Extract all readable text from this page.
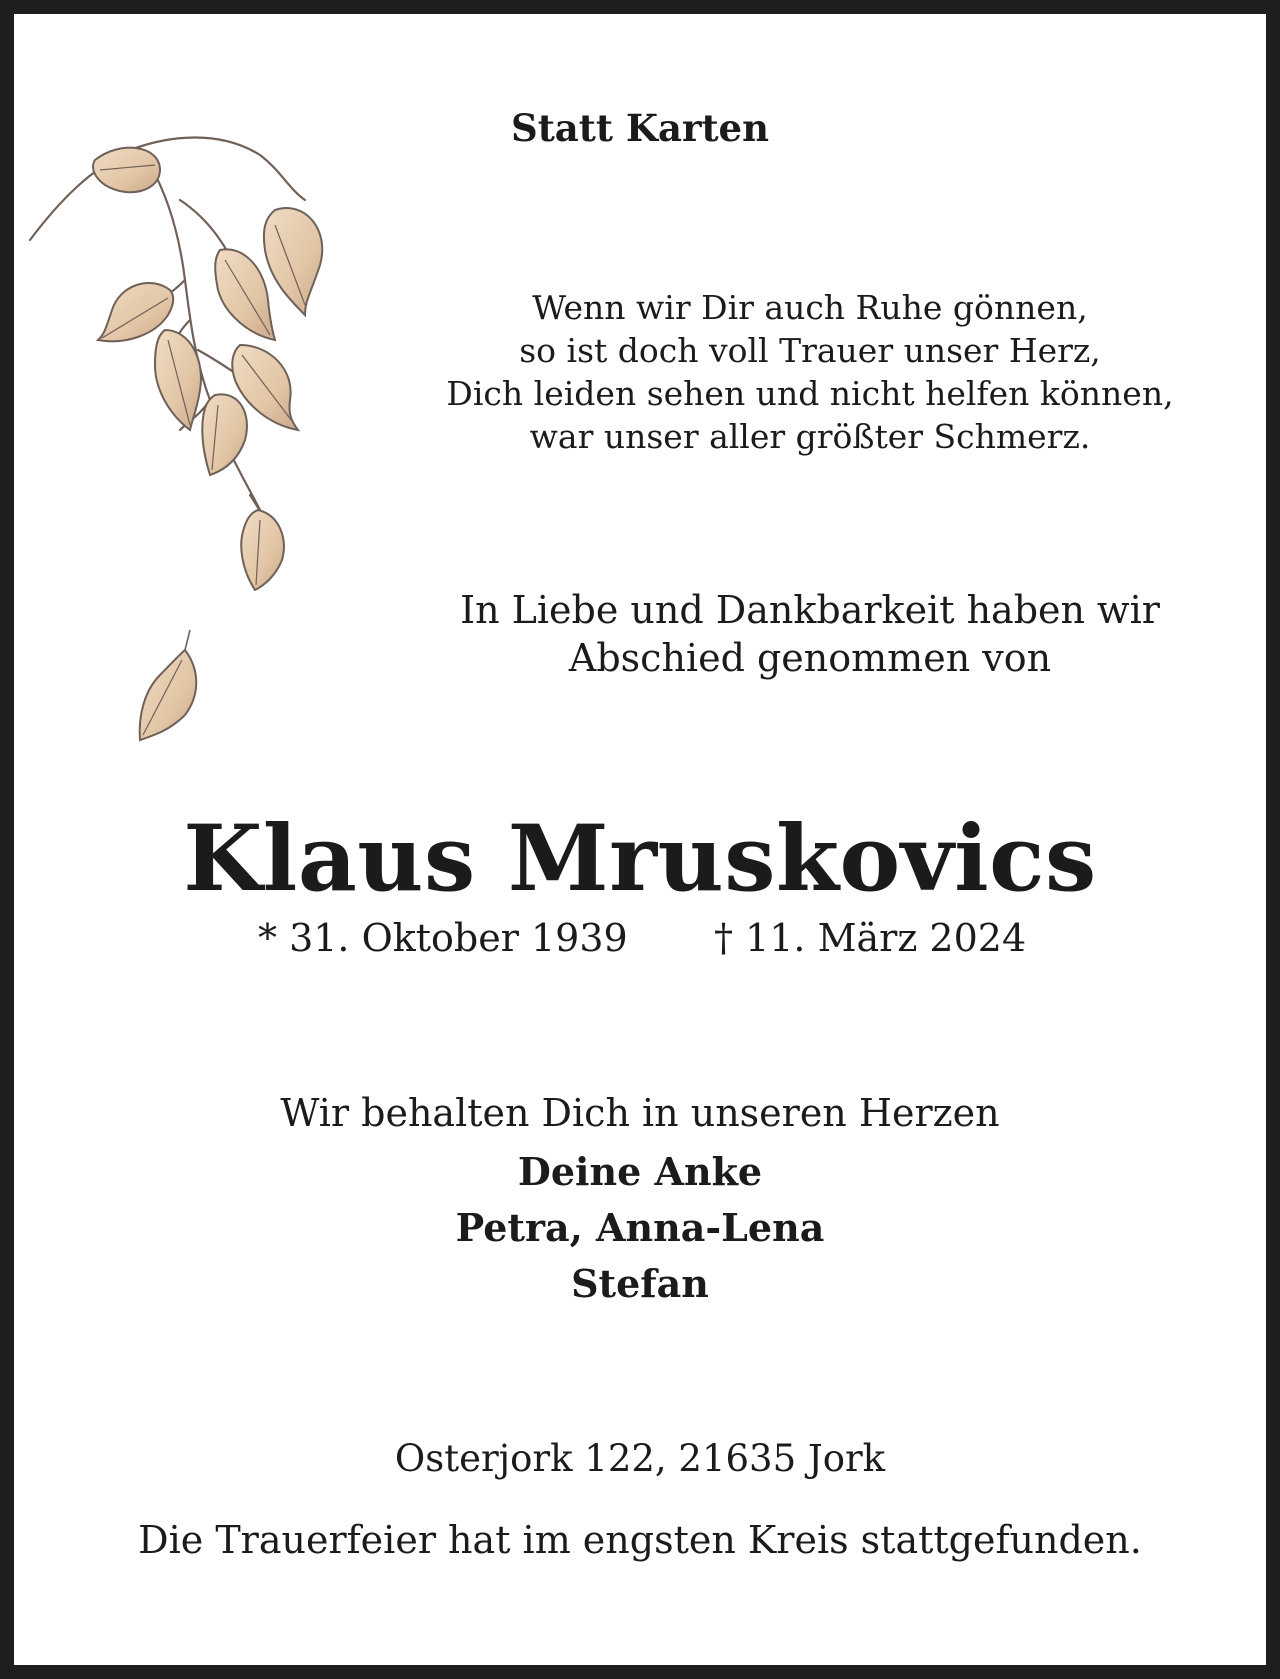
Statt Karten
Wenn wir Dir auch Ruhe gönnen,
so ist doch voll Trauer unser Herz,
Dich leiden sehen und nicht helfen können,
war unser aller größter Schmerz.
In Liebe und Dankbarkeit haben wir
Abschied genommen von
Klaus Mruskovics
* 31. Oktober 1939 † 11. März 2024
Wir behalten Dich in unseren Herzen
Deine Anke
Petra, Anna-Lena
Stefan
Osterjork 122, 21635 Jork
Die Trauerfeier hat im engsten Kreis stattgefunden.
